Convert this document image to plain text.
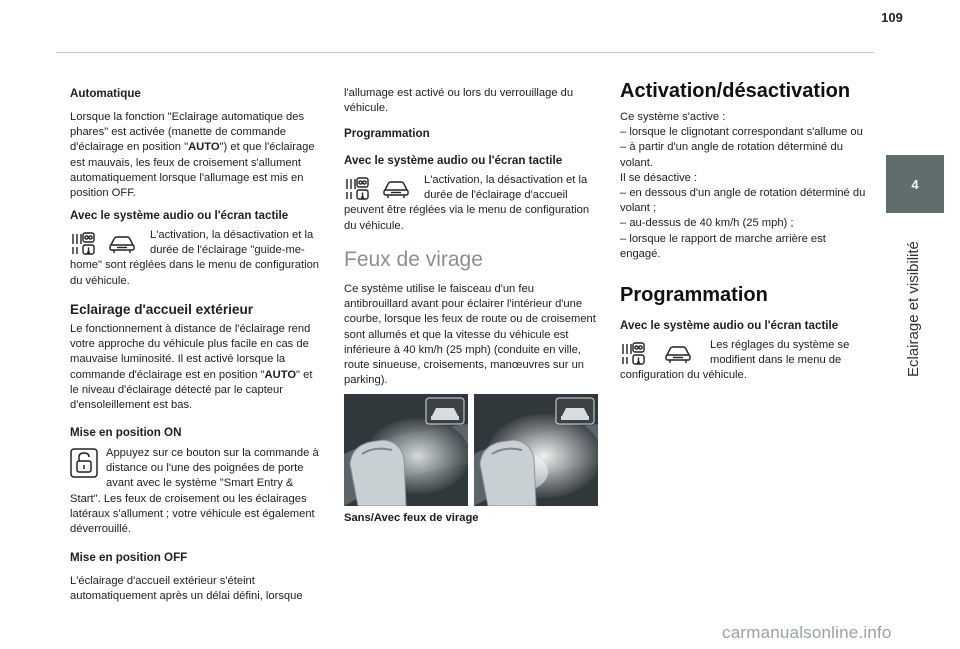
109
4
Eclairage et visibilité
Automatique
Lorsque la fonction "Eclairage automatique des phares" est activée (manette de commande d'éclairage en position "AUTO") et que l'éclairage est mauvais, les feux de croisement s'allument automatiquement lorsque l'allumage est mis en position OFF.
Avec le système audio ou l'écran tactile
L'activation, la désactivation et la durée de l'éclairage "guide-me-home" sont réglées dans le menu de configuration du véhicule.
Eclairage d'accueil extérieur
Le fonctionnement à distance de l'éclairage rend votre approche du véhicule plus facile en cas de mauvaise luminosité. Il est activé lorsque la commande d'éclairage est en position "AUTO" et le niveau d'éclairage détecté par le capteur d'ensoleillement est bas.
Mise en position ON
Appuyez sur ce bouton sur la commande à distance ou l'une des poignées de porte avant avec le système "Smart Entry & Start". Les feux de croisement ou les éclairages latéraux s'allument ; votre véhicule est également déverrouillé.
Mise en position OFF
L'éclairage d'accueil extérieur s'éteint automatiquement après un délai défini, lorsque
l'allumage est activé ou lors du verrouillage du véhicule.
Programmation
Avec le système audio ou l'écran tactile
L'activation, la désactivation et la durée de l'éclairage d'accueil peuvent être réglées via le menu de configuration du véhicule.
Feux de virage
Ce système utilise le faisceau d'un feu antibrouillard avant pour éclairer l'intérieur d'une courbe, lorsque les feux de route ou de croisement sont allumés et que la vitesse du véhicule est inférieure à 40 km/h (25 mph) (conduite en ville, route sinueuse, croisements, manœuvres sur un parking).
Sans/Avec feux de virage
Activation/désactivation
Ce système s'active :
– lorsque le clignotant correspondant s'allume ou
– à partir d'un angle de rotation déterminé du volant.
Il se désactive :
– en dessous d'un angle de rotation déterminé du volant ;
– au-dessus de 40 km/h (25 mph) ;
– lorsque le rapport de marche arrière est engagé.
Programmation
Avec le système audio ou l'écran tactile
Les réglages du système se modifient dans le menu de configuration du véhicule.
carmanualsonline.info
